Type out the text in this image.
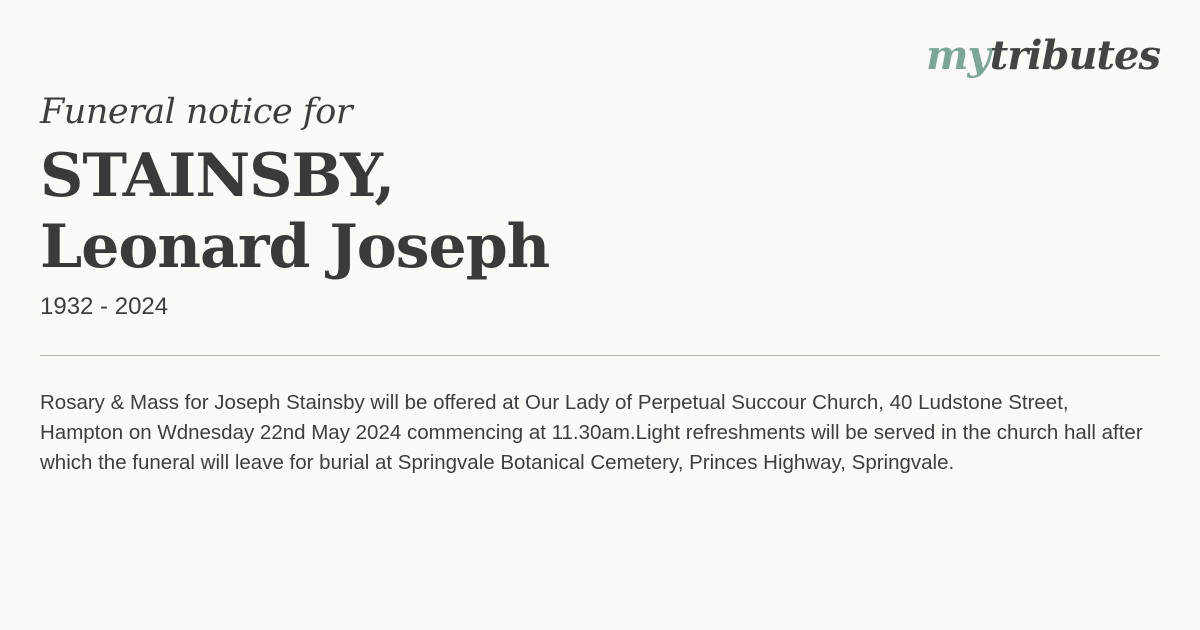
mytributes

Funeral notice for

STAINSBY,
Leonard Joseph
1932 - 2024

Rosary & Mass for Joseph Stainsby will be offered at Our Lady of Perpetual Succour Church, 40 Ludstone Street, Hampton on Wdnesday 22nd May 2024 commencing at 11.30am.Light refreshments will be served in the church hall after which the funeral will leave for burial at Springvale Botanical Cemetery, Princes Highway, Springvale.
